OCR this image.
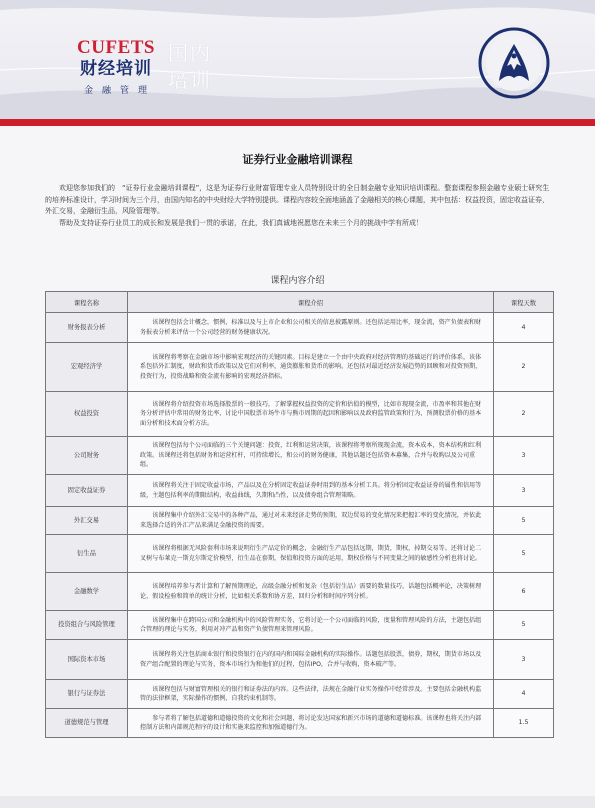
CUFETS
财经培训
金融管理
国内
培训
证券行业金融培训课程

欢迎您参加我们的　“证券行业金融培训课程”，这是为证券行业财富管理专业人员特别设计的全日制金融专业知识培训课程。整套课程参照金融专业硕士研究生的培养标准设计，学习时间为三个月，由国内知名的中央财经大学特别提供。课程内容较全面地涵盖了金融相关的核心课题，其中包括：权益投资，固定收益证券，外汇交易，金融衍生品，风险管理等。

帮助及支持证券行业员工的成长和发展是我们一贯的承诺，在此，我们真诚地祝愿您在未来三个月的挑战中学有所成！

课程内容介绍
课程名称	课程介绍	课程天数
财务报表分析	该课程包括会计概念，惯例，标准以及与上市企业和公司相关的信息披露原则。还包括运用比率，现金流，资产负债表和财务报表分析来评估一个公司经营的财务健康状况。	4
宏观经济学	该课程将考察在金融市场中影响宏观经济的关键因素。目标是建立一个由中央政府对经济管理的基础运行的评价体系，该体系包括外汇制度，财政和货币政策以及它们对利率，通货膨胀和货币的影响。还包括对最近经济发展趋势的回顾和对投资预期，投资行为，投资战略和资金流有影响的宏观经济指标。	2
权益投资	该课程将介绍投资市场选择股票的一般技巧，了解掌握权益投资的定价和估值的模型，比如市现现金流，市盈率和其他在财务分析评估中常用的财务比率，讨论中国股票市场牛市与熊市周期的起因和影响以及政府监管政策和行为，预测股票价格的基本面分析和技术面分析方法。	2
公司财务	该课程包括每个公司面临的三个关键问题：投资，红利和运营决策，该课程将考察所现现金流，资本成本，资本结构和红利政策。该课程还将包括财务和运营杠杆，可持续增长，和公司的财务健康，其他话题还包括资本募集，合并与收购以及公司重组。	3
固定收益证券	该课程将关注于固定收益市场，产品以及在分析固定收益证券时用到的基本分析工具。将分析固定收益证券的属性和信用等级，主题包括利率的期限结构，收益曲线，久期和凸性，以及债券组合管理策略。	3
外汇交易	该课程集中介绍外汇交易中的各种产品，通过对未来经济走势的预期，双边贸易的变化情况来把握汇率的变化情况，并依此来选择合适的外汇产品来满足金融投资的需要。	5
衍生品	该课程将根据无风险套利市场来说明衍生产品定价的概念，金融衍生产品包括远期，期货，期权，掉期交易等。还将讨论二叉树与布莱克一斯克尔斯定价模型，衍生品在套期，保值和投资方面的运用，期权价格与不同变量之间的敏感性分析也将讨论。	5
金融数学	该课程培养参与者计算和了解预期理论，高级金融分析和复杂（包括衍生品）需要的数量技巧，话题包括概率论，决策树理论，假设检验和简单的统计分析，比如相关系数和协方差，回归分析和时间序列分析。	6
投资组合与风险管理	该课程集中在跨国公司和金融机构中的风险管理实务，它将讨论一个公司面临的风险，度量和管理风险的方法，主题包括组合管理的理论与实务，利用对冲产品和资产负债管理来管理风险。	5
国际资本市场	该课程将关注包括商业银行和投资银行在内的国内和国际金融机构的实际操作。话题包括股票，债券，期权，期货市场以及资产组合配置的理论与实务，资本市场行为和他们的过程，包括IPO，合并与收购，资本破产等。	3
银行与证券法	该课程包括与财富管理相关的银行和证券法的内容。这些法律，法规在金融行业实务操作中经常涉及。主要包括金融机构监管的法律框架，实际操作的惯例，自我约束机制等。	4
道德规范与管理	参与者将了解包括道德和道德投资的文化和社会问题，将讨论发达国家和新兴市场的道德和道德标准。该课程也将关注内部控制方法和内部规范程序的设计和实施来监控和加强道德行为。	1.5
